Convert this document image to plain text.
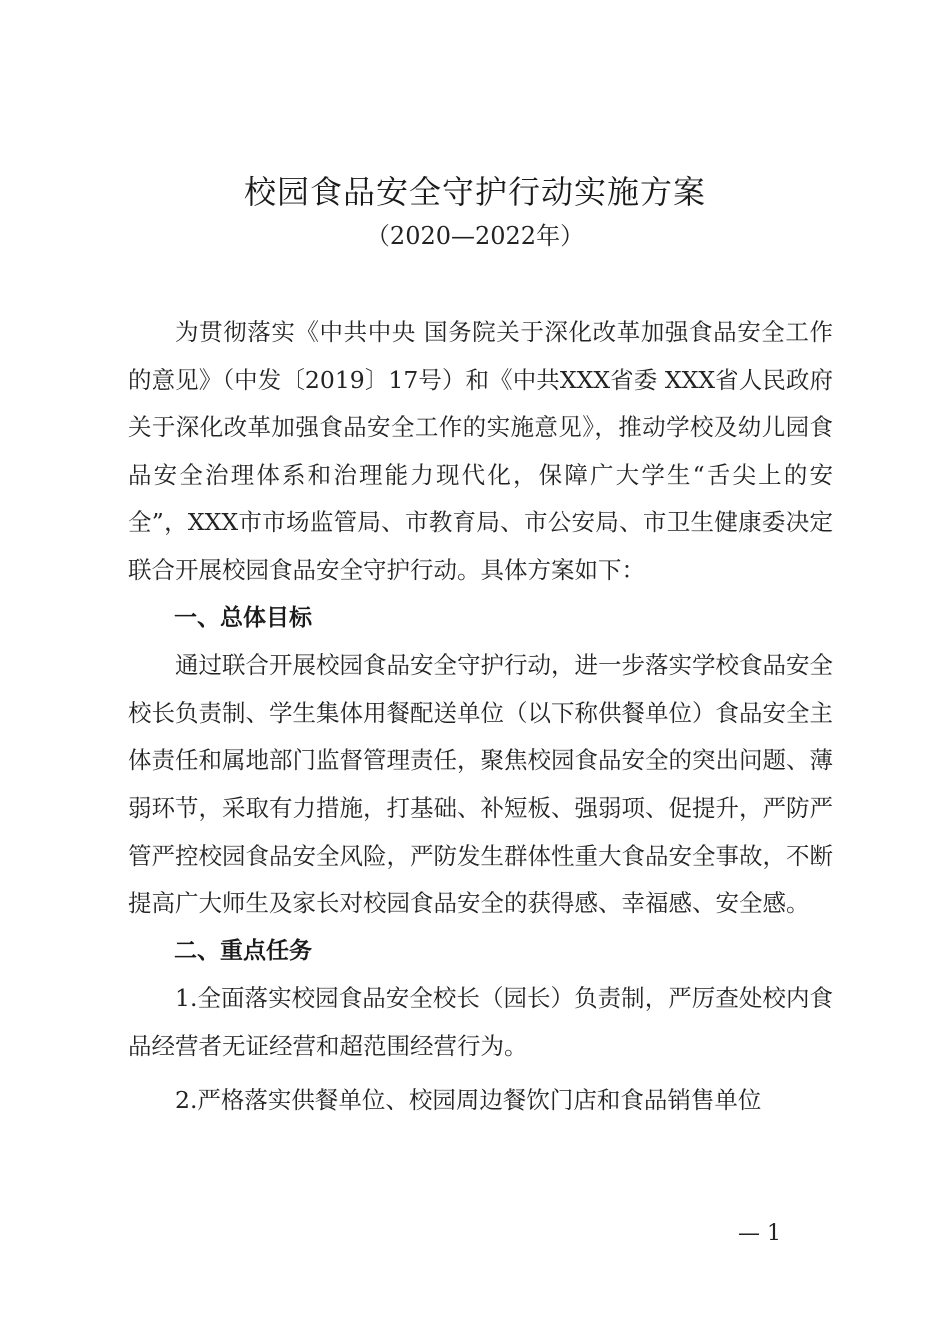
校园食品安全守护行动实施方案
（2020—2022年）

为贯彻落实《中共中央 国务院关于深化改革加强食品安全工作的意见》（中发〔2019〕17号）和《中共XXX省委 XXX省人民政府关于深化改革加强食品安全工作的实施意见》，推动学校及幼儿园食品安全治理体系和治理能力现代化，保障广大学生“舌尖上的安全”，XXX市市场监管局、市教育局、市公安局、市卫生健康委决定联合开展校园食品安全守护行动。具体方案如下：

一、总体目标

通过联合开展校园食品安全守护行动，进一步落实学校食品安全校长负责制、学生集体用餐配送单位（以下称供餐单位）食品安全主体责任和属地部门监督管理责任，聚焦校园食品安全的突出问题、薄弱环节，采取有力措施，打基础、补短板、强弱项、促提升，严防严管严控校园食品安全风险，严防发生群体性重大食品安全事故，不断提高广大师生及家长对校园食品安全的获得感、幸福感、安全感。

二、重点任务

1.全面落实校园食品安全校长（园长）负责制，严厉查处校内食品经营者无证经营和超范围经营行为。

2.严格落实供餐单位、校园周边餐饮门店和食品销售单位

— 1
